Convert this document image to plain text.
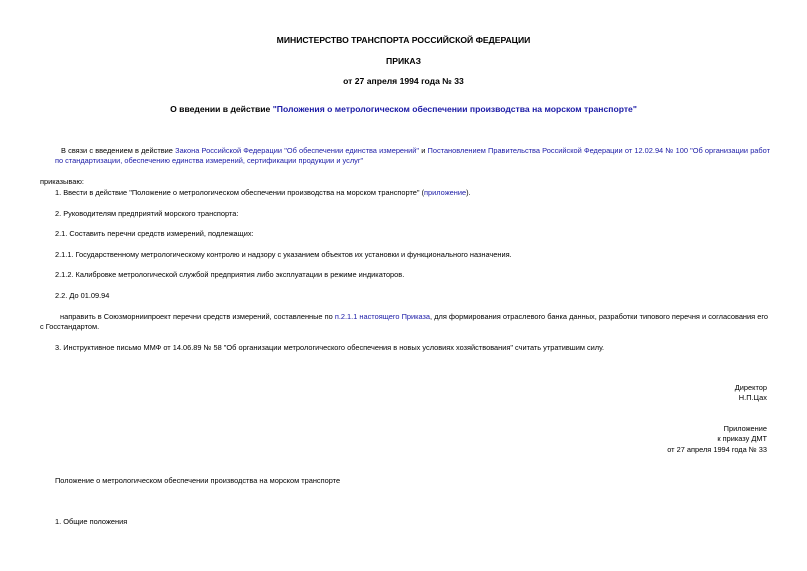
МИНИСТЕРСТВО ТРАНСПОРТА РОССИЙСКОЙ ФЕДЕРАЦИИ
ПРИКАЗ
от 27 апреля 1994 года № 33
О введении в действие "Положения о метрологическом обеспечении производства на морском транспорте"
В связи с введением в действие Закона Российской Федерации "Об обеспечении единства измерений" и Постановлением Правительства Российской Федерации от 12.02.94 № 100 "Об организации работ по стандартизации, обеспечению единства измерений, сертификации продукции и услуг"
приказываю:
1. Ввести в действие "Положение о метрологическом обеспечении производства на морском транспорте" (приложение).
2. Руководителям предприятий морского транспорта:
2.1. Составить перечни средств измерений, подлежащих:
2.1.1. Государственному метрологическому контролю и надзору с указанием объектов их установки и функционального назначения.
2.1.2. Калибровке метрологической службой предприятия либо эксплуатации в режиме индикаторов.
2.2. До 01.09.94
направить в Союзморниипроект перечни средств измерений, составленные по п.2.1.1 настоящего Приказа, для формирования отраслевого банка данных, разработки типового перечня и согласования его с Госстандартом.
3. Инструктивное письмо ММФ от 14.06.89 № 58 "Об организации метрологического обеспечения в новых условиях хозяйствования" считать утратившим силу.
Директор
Н.П.Цах
Приложение
к приказу ДМТ
от 27 апреля 1994 года № 33
Положение о метрологическом обеспечении производства на морском транспорте
1. Общие положения
